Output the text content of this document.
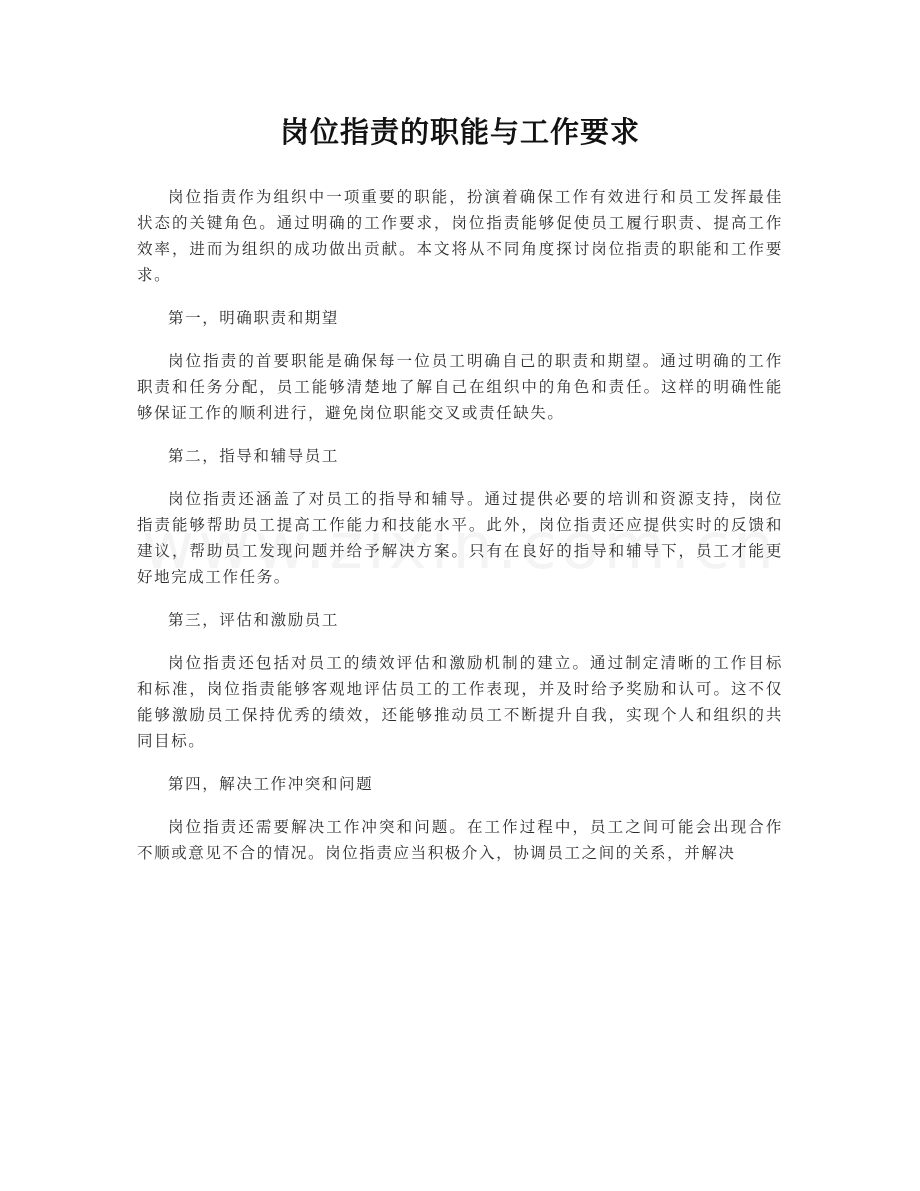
岗位指责的职能与工作要求

岗位指责作为组织中一项重要的职能，扮演着确保工作有效进行和员工发挥最佳状态的关键角色。通过明确的工作要求，岗位指责能够促使员工履行职责、提高工作效率，进而为组织的成功做出贡献。本文将从不同角度探讨岗位指责的职能和工作要求。

第一，明确职责和期望

岗位指责的首要职能是确保每一位员工明确自己的职责和期望。通过明确的工作职责和任务分配，员工能够清楚地了解自己在组织中的角色和责任。这样的明确性能够保证工作的顺利进行，避免岗位职能交叉或责任缺失。

第二，指导和辅导员工

岗位指责还涵盖了对员工的指导和辅导。通过提供必要的培训和资源支持，岗位指责能够帮助员工提高工作能力和技能水平。此外，岗位指责还应提供实时的反馈和建议，帮助员工发现问题并给予解决方案。只有在良好的指导和辅导下，员工才能更好地完成工作任务。

第三，评估和激励员工

岗位指责还包括对员工的绩效评估和激励机制的建立。通过制定清晰的工作目标和标准，岗位指责能够客观地评估员工的工作表现，并及时给予奖励和认可。这不仅能够激励员工保持优秀的绩效，还能够推动员工不断提升自我，实现个人和组织的共同目标。

第四，解决工作冲突和问题

岗位指责还需要解决工作冲突和问题。在工作过程中，员工之间可能会出现合作不顺或意见不合的情况。岗位指责应当积极介入，协调员工之间的关系，并解决
